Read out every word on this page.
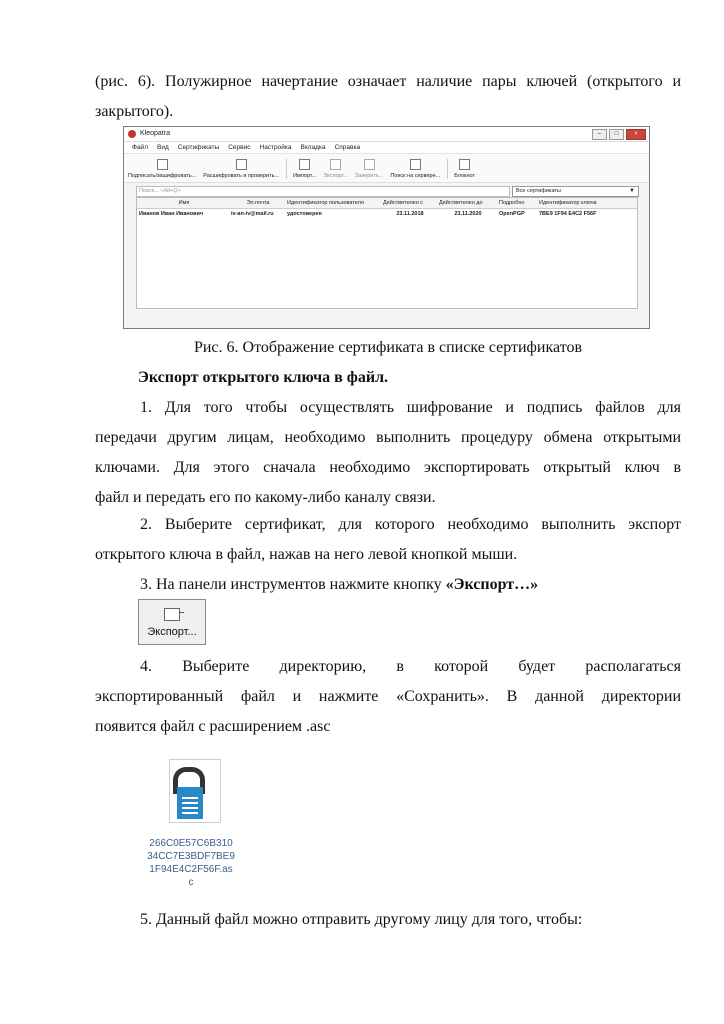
(рис. 6). Полужирное начертание означает наличие пары ключей (открытого и

закрытого).

Kleopatra	–	□	×
Файл Вид Сертификаты Сервис Настройка Вкладка Справка
Подписать/зашифровать... Расшифровать и проверить...	Импорт... Экспорт... Заверить... Поиск на сервере...	Блокнот
Поиск... <Alt+Q>	Все сертификаты	▼
Имя	Эл.почта	Идентификатор пользователя	Действителен с	Действителен до	Подробно	Идентификатор ключа
Иванов Иван Иванович	iv-an-iv@mail.ru	удостоверен	23.11.2018	23.11.2020	OpenPGP	7BE9 1F94 E4C2 F56F

Рис. 6. Отображение сертификата в списке сертификатов

Экспорт открытого ключа в файл.

1. Для того чтобы осуществлять шифрование и подпись файлов для

передачи другим лицам, необходимо выполнить процедуру обмена открытыми

ключами. Для этого сначала необходимо экспортировать открытый ключ в

файл и передать его по какому-либо каналу связи.

2. Выберите сертификат, для которого необходимо выполнить экспорт

открытого ключа в файл, нажав на него левой кнопкой мыши.

3. На панели инструментов нажмите кнопку «Экспорт…»

Экспорт...

4. Выберите директорию, в которой будет располагаться

экспортированный файл и нажмите «Сохранить». В данной директории

появится файл с расширением .asc

266C0E57C6B310
34CC7E3BDF7BE9
1F94E4C2F56F.as
c

5. Данный файл можно отправить другому лицу для того, чтобы:
